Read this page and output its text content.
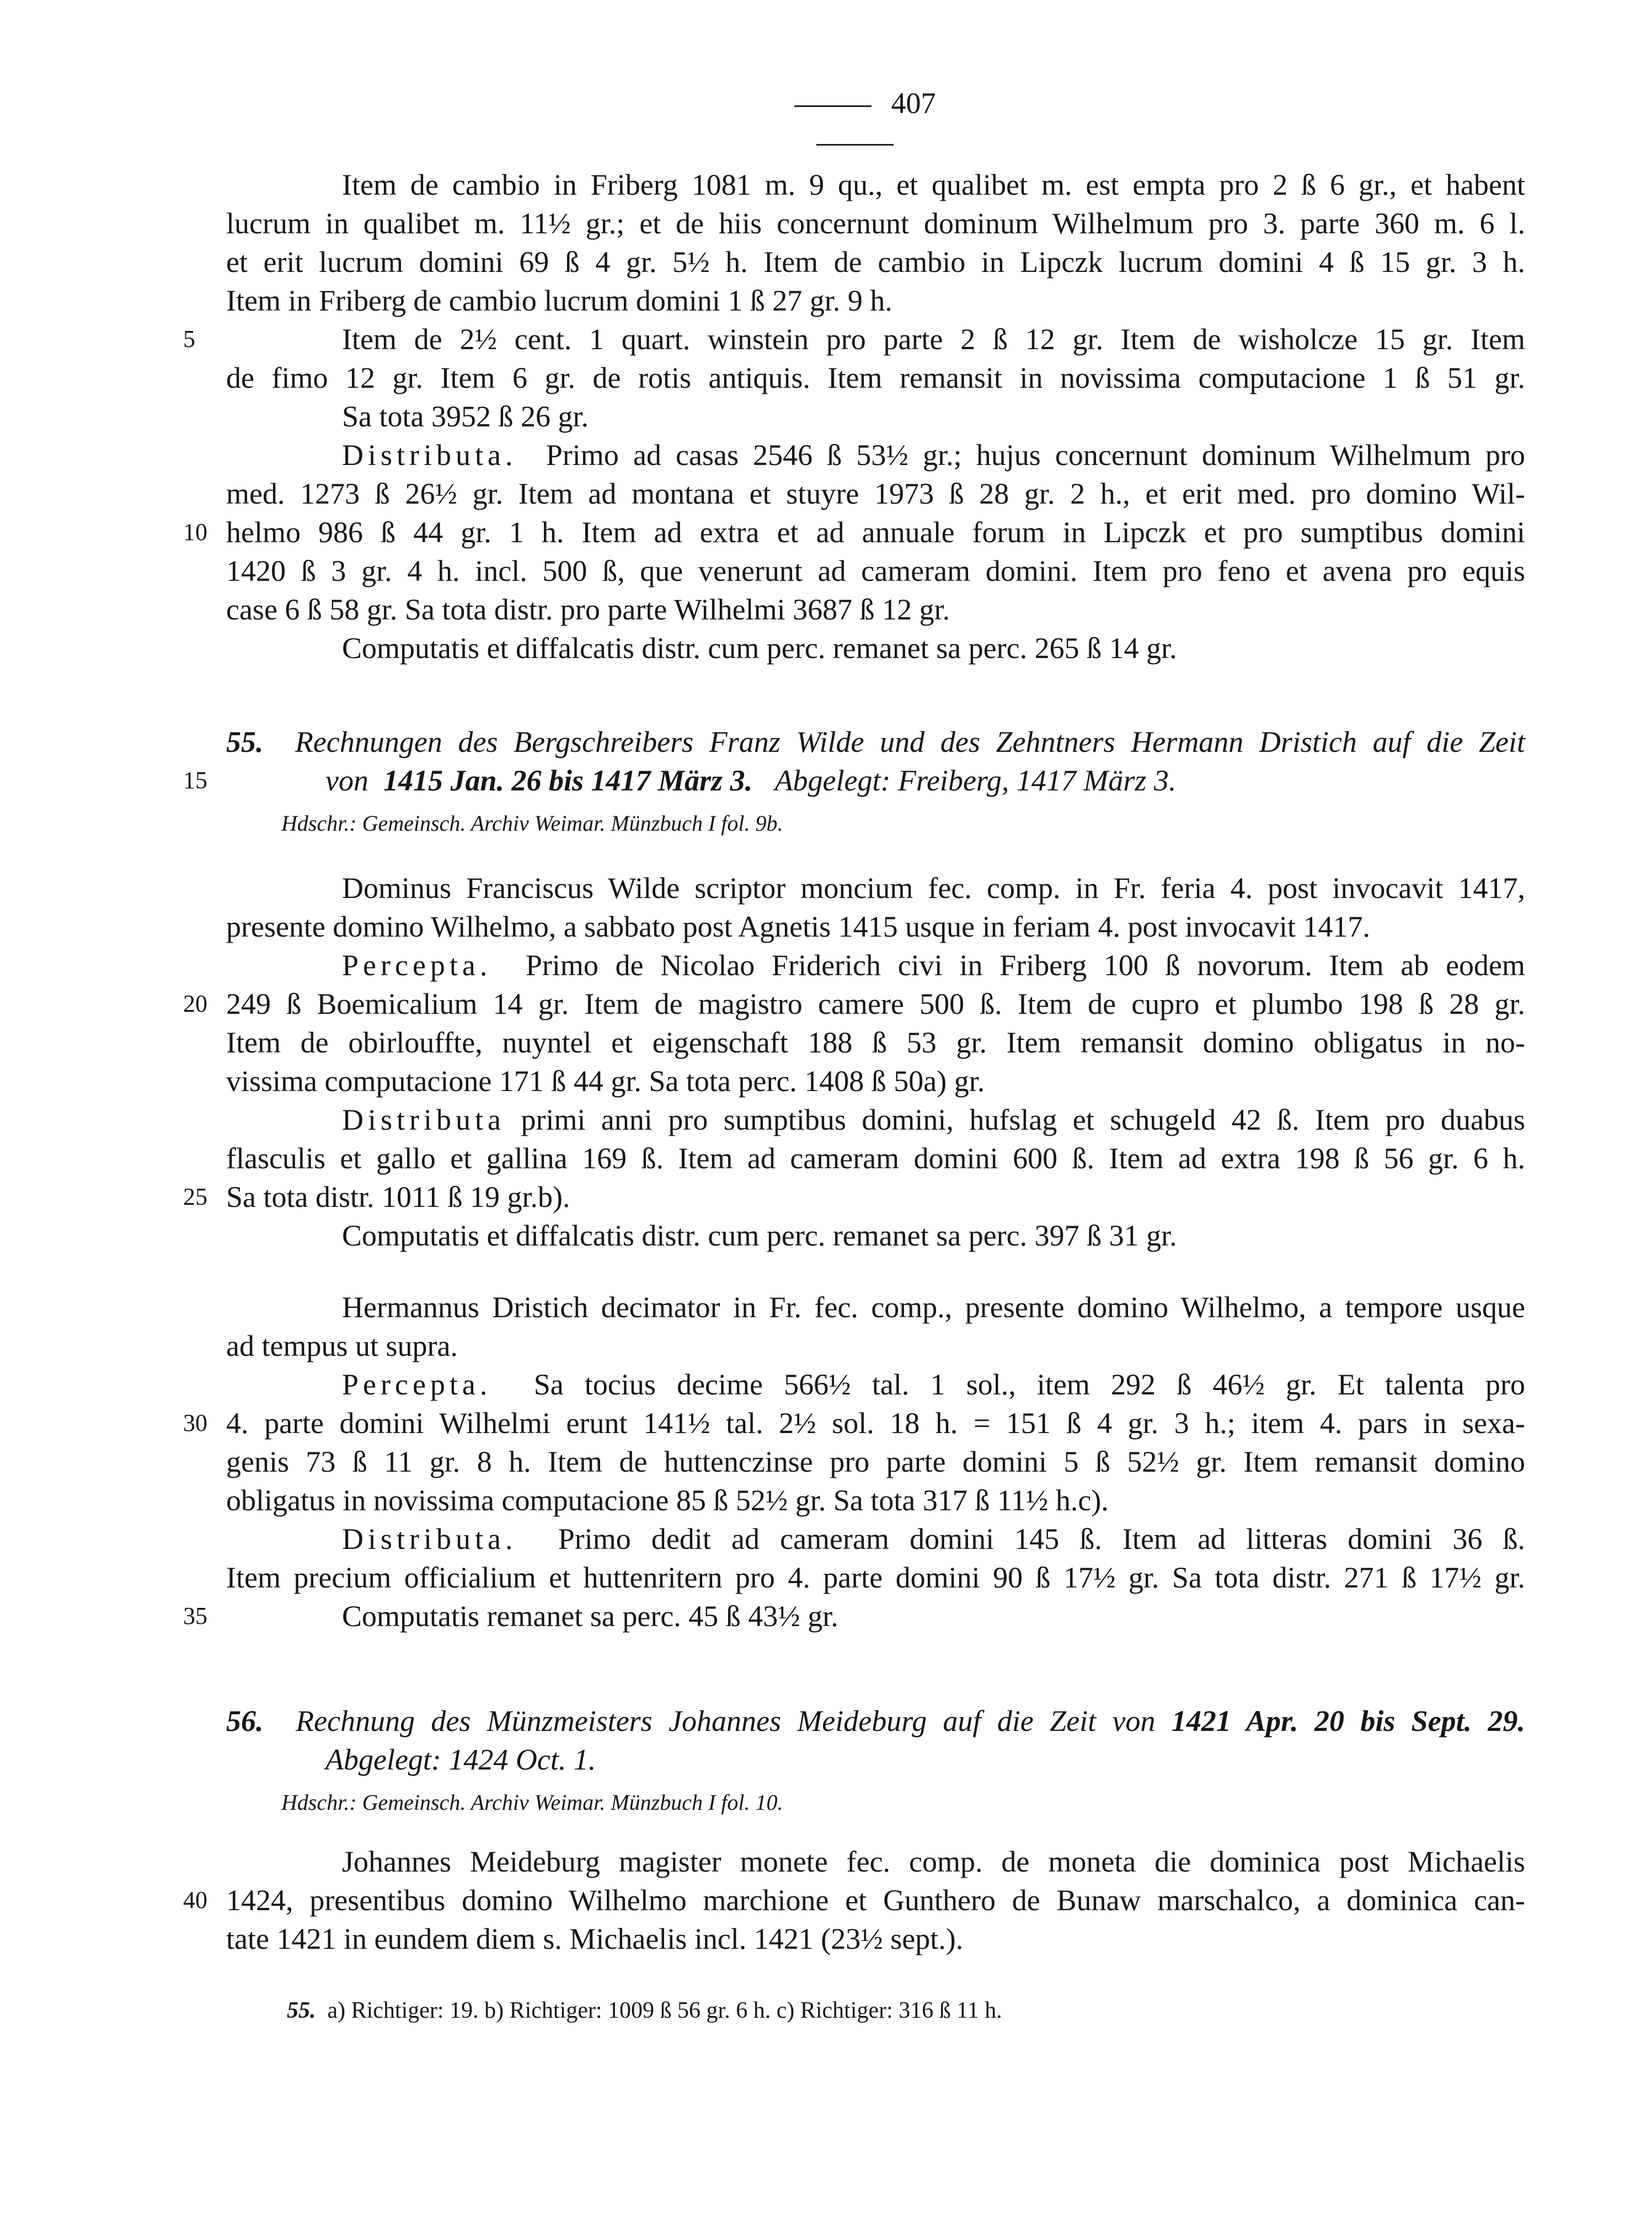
407
Item de cambio in Friberg 1081 m. 9 qu., et qualibet m. est empta pro 2 ß 6 gr., et habent
lucrum in qualibet m. 11½ gr.; et de hiis concernunt dominum Wilhelmum pro 3. parte 360 m. 6 l.
et erit lucrum domini 69 ß 4 gr. 5½ h. Item de cambio in Lipczk lucrum domini 4 ß 15 gr. 3 h.
Item in Friberg de cambio lucrum domini 1 ß 27 gr. 9 h.
5	Item de 2½ cent. 1 quart. winstein pro parte 2 ß 12 gr. Item de wisholcze 15 gr. Item
de fimo 12 gr. Item 6 gr. de rotis antiquis. Item remansit in novissima computacione 1 ß 51 gr.
Sa tota 3952 ß 26 gr.
Distributa. Primo ad casas 2546 ß 53½ gr.; hujus concernunt dominum Wilhelmum pro
med. 1273 ß 26½ gr. Item ad montana et stuyre 1973 ß 28 gr. 2 h., et erit med. pro domino Wil-
10 helmo 986 ß 44 gr. 1 h. Item ad extra et ad annuale forum in Lipczk et pro sumptibus domini
1420 ß 3 gr. 4 h. incl. 500 ß, que venerunt ad cameram domini. Item pro feno et avena pro equis
case 6 ß 58 gr. Sa tota distr. pro parte Wilhelmi 3687 ß 12 gr.
Computatis et diffalcatis distr. cum perc. remanet sa perc. 265 ß 14 gr.
55. Rechnungen des Bergschreibers Franz Wilde und des Zehntners Hermann Dristich auf die Zeit
15	von 1415 Jan. 26 bis 1417 März 3. Abgelegt: Freiberg, 1417 März 3.
Hdschr.: Gemeinsch. Archiv Weimar. Münzbuch I fol. 9b.
Dominus Franciscus Wilde scriptor moncium fec. comp. in Fr. feria 4. post invocavit 1417,
presente domino Wilhelmo, a sabbato post Agnetis 1415 usque in feriam 4. post invocavit 1417.
Percepta. Primo de Nicolao Friderich civi in Friberg 100 ß novorum. Item ab eodem
20 249 ß Boemicalium 14 gr. Item de magistro camere 500 ß. Item de cupro et plumbo 198 ß 28 gr.
Item de obirlouffte, nuyntel et eigenschaft 188 ß 53 gr. Item remansit domino obligatus in no-
vissima computacione 171 ß 44 gr. Sa tota perc. 1408 ß 50a) gr.
Distributa primi anni pro sumptibus domini, hufslag et schugeld 42 ß. Item pro duabus
flasculis et gallo et gallina 169 ß. Item ad cameram domini 600 ß. Item ad extra 198 ß 56 gr. 6 h.
25 Sa tota distr. 1011 ß 19 gr.b).
Computatis et diffalcatis distr. cum perc. remanet sa perc. 397 ß 31 gr.
Hermannus Dristich decimator in Fr. fec. comp., presente domino Wilhelmo, a tempore usque
ad tempus ut supra.
Percepta. Sa tocius decime 566½ tal. 1 sol., item 292 ß 46½ gr. Et talenta pro
30 4. parte domini Wilhelmi erunt 141½ tal. 2½ sol. 18 h. = 151 ß 4 gr. 3 h.; item 4. pars in sexa-
genis 73 ß 11 gr. 8 h. Item de huttenczinse pro parte domini 5 ß 52½ gr. Item remansit domino
obligatus in novissima computacione 85 ß 52½ gr. Sa tota 317 ß 11½ h.c).
Distributa. Primo dedit ad cameram domini 145 ß. Item ad litteras domini 36 ß.
Item precium officialium et huttenritern pro 4. parte domini 90 ß 17½ gr. Sa tota distr. 271 ß 17½ gr.
35	Computatis remanet sa perc. 45 ß 43½ gr.
56. Rechnung des Münzmeisters Johannes Meideburg auf die Zeit von 1421 Apr. 20 bis Sept. 29.
Abgelegt: 1424 Oct. 1.
Hdschr.: Gemeinsch. Archiv Weimar. Münzbuch I fol. 10.
Johannes Meideburg magister monete fec. comp. de moneta die dominica post Michaelis
40 1424, presentibus domino Wilhelmo marchione et Gunthero de Bunaw marschalco, a dominica can-
tate 1421 in eundem diem s. Michaelis incl. 1421 (23½ sept.).
55. a) Richtiger: 19. b) Richtiger: 1009 ß 56 gr. 6 h. c) Richtiger: 316 ß 11 h.
